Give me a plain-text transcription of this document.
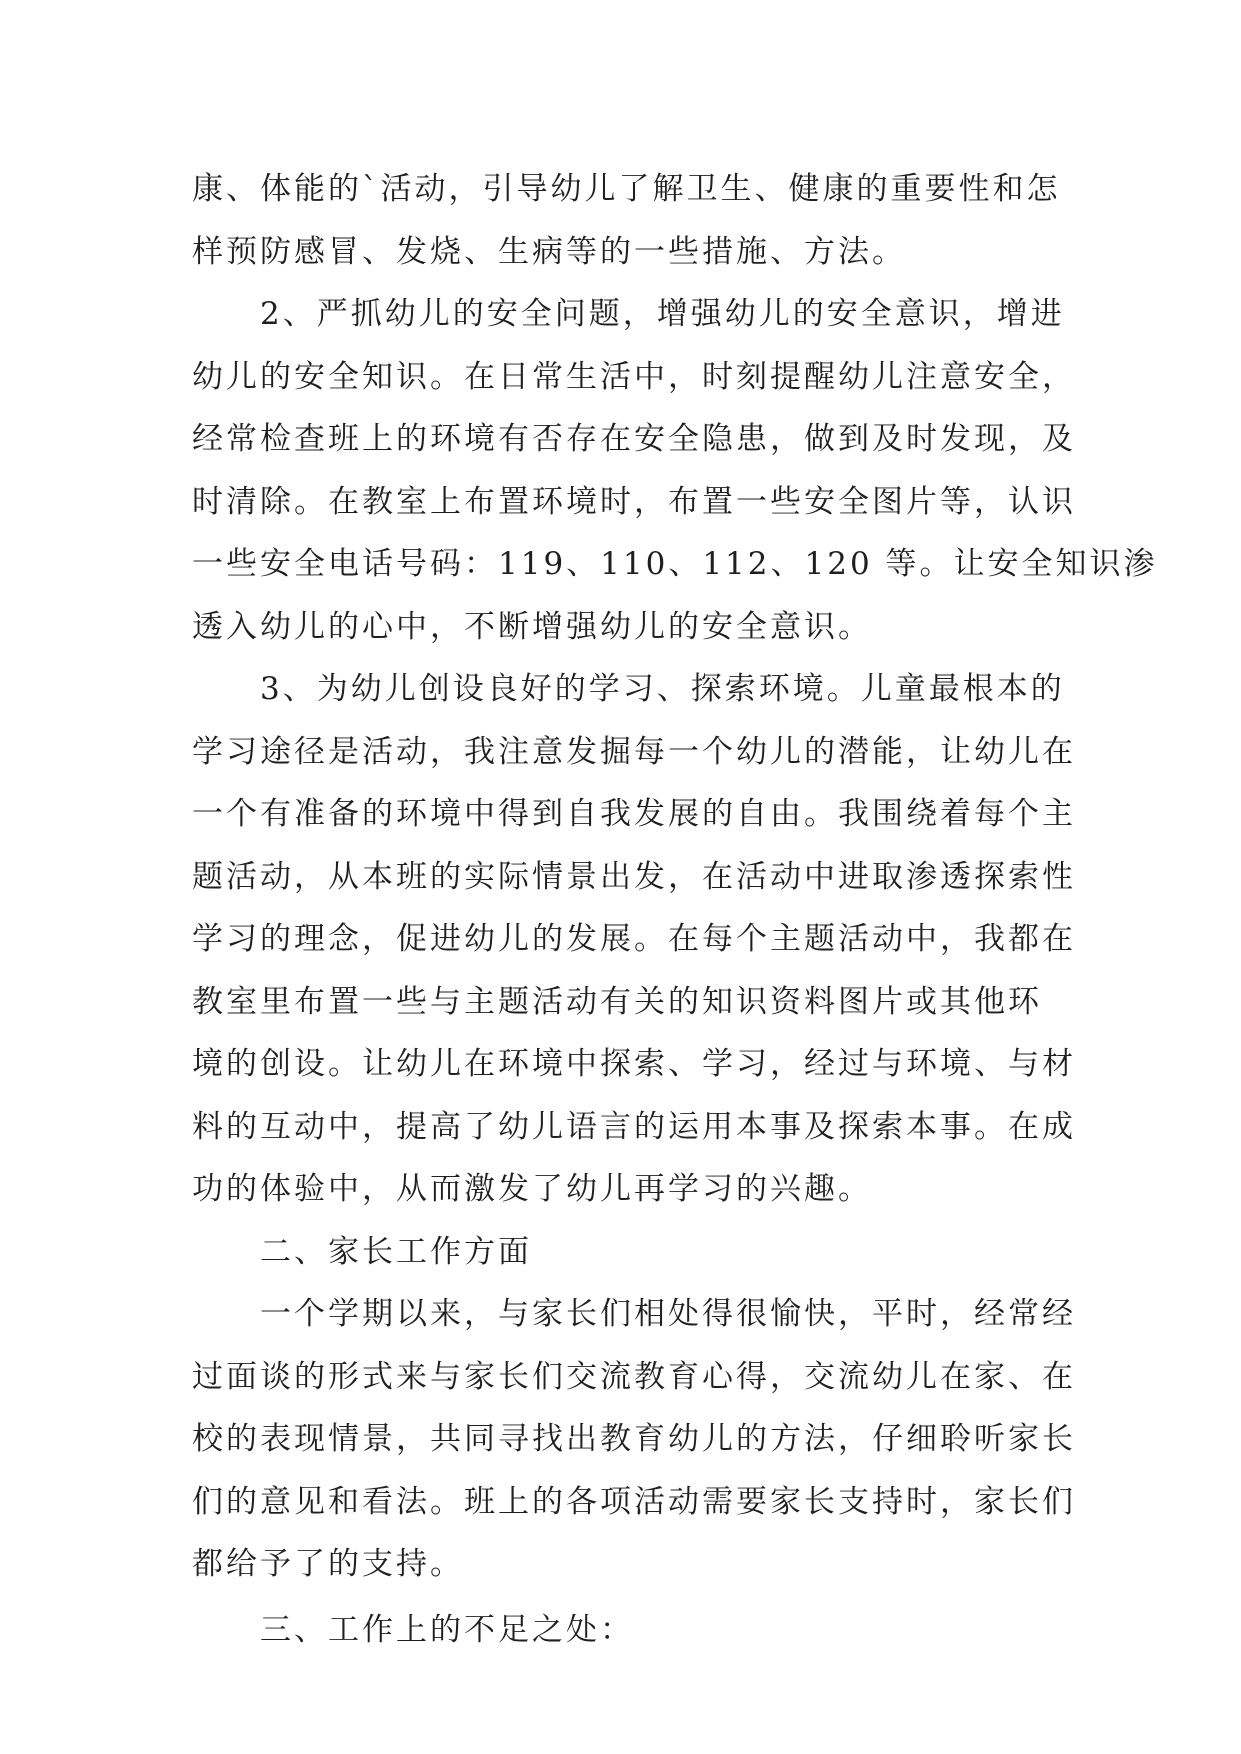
康、体能的`活动，引导幼儿了解卫生、健康的重要性和怎
样预防感冒、发烧、生病等的一些措施、方法。
　　2、严抓幼儿的安全问题，增强幼儿的安全意识，增进
幼儿的安全知识。在日常生活中，时刻提醒幼儿注意安全，
经常检查班上的环境有否存在安全隐患，做到及时发现，及
时清除。在教室上布置环境时，布置一些安全图片等，认识
一些安全电话号码：119、110、112、120 等。让安全知识渗
透入幼儿的心中，不断增强幼儿的安全意识。
　　3、为幼儿创设良好的学习、探索环境。儿童最根本的
学习途径是活动，我注意发掘每一个幼儿的潜能，让幼儿在
一个有准备的环境中得到自我发展的自由。我围绕着每个主
题活动，从本班的实际情景出发，在活动中进取渗透探索性
学习的理念，促进幼儿的发展。在每个主题活动中，我都在
教室里布置一些与主题活动有关的知识资料图片或其他环
境的创设。让幼儿在环境中探索、学习，经过与环境、与材
料的互动中，提高了幼儿语言的运用本事及探索本事。在成
功的体验中，从而激发了幼儿再学习的兴趣。
　　二、家长工作方面
　　一个学期以来，与家长们相处得很愉快，平时，经常经
过面谈的形式来与家长们交流教育心得，交流幼儿在家、在
校的表现情景，共同寻找出教育幼儿的方法，仔细聆听家长
们的意见和看法。班上的各项活动需要家长支持时，家长们
都给予了的支持。
　　三、工作上的不足之处：
